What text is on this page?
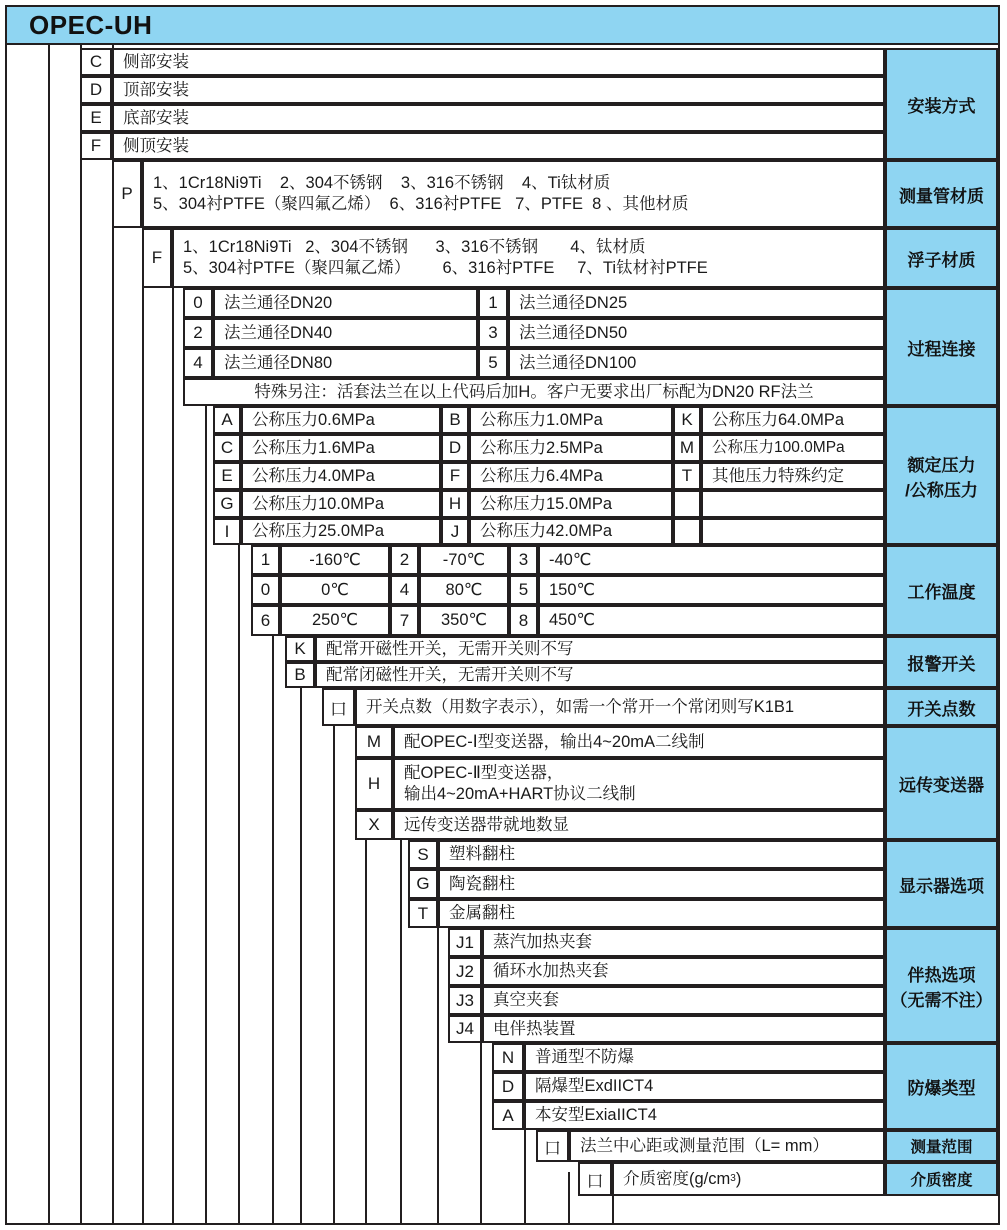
OPEC-UH
C	侧部安装
D	顶部安装
E	底部安装
F	侧顶安装
安装方式
P
1、1Cr18Ni9Ti    2、304不锈钢    3、316不锈钢    4、Ti钛材质
5、304衬PTFE（聚四氟乙烯）  6、316衬PTFE   7、PTFE  8 、其他材质	测量管材质
F
1、1Cr18Ni9Ti   2、304不锈钢      3、316不锈钢       4、钛材质
5、304衬PTFE（聚四氟乙烯）       6、316衬PTFE     7、Ti钛材衬PTFE	浮子材质
0	法兰通径DN20	1	法兰通径DN25
2	法兰通径DN40	3	法兰通径DN50
4	法兰通径DN80	5	法兰通径DN100
特殊另注：活套法兰在以上代码后加H。客户无要求出厂标配为DN20 RF法兰
过程连接
A	公称压力0.6MPa	B	公称压力1.0MPa	K	公称压力64.0MPa
C	公称压力1.6MPa	D	公称压力2.5MPa	M	公称压力100.0MPa
E	公称压力4.0MPa	F	公称压力6.4MPa	T	其他压力特殊约定
G	公称压力10.0MPa	H	公称压力15.0MPa
I	公称压力25.0MPa	J	公称压力42.0MPa
额定压力
/公称压力
1	-160℃	2	-70℃	3	-40℃
0	0℃	4	80℃	5	150℃
6	250℃	7	350℃	8	450℃
工作温度
K	配常开磁性开关，无需开关则不写
B	配常闭磁性开关，无需开关则不写
报警开关
口	开关点数（用数字表示），如需一个常开一个常闭则写K1B1	开关点数
M	配OPEC-Ⅰ型变送器，输出4~20mA二线制
H
配OPEC-Ⅱ型变送器，
输出4~20mA+HART协议二线制
X	远传变送器带就地数显
远传变送器
S	塑料翻柱
G	陶瓷翻柱
T	金属翻柱
显示器选项
J1	蒸汽加热夹套
J2	循环水加热夹套
J3	真空夹套
J4	电伴热装置
伴热选项
（无需不注）
N	普通型不防爆
D	隔爆型ExdIICT4
A	本安型ExiaIICT4
防爆类型
口	法兰中心距或测量范围（L= mm）	测量范围
口	介质密度(g/cm 3 )	介质密度
